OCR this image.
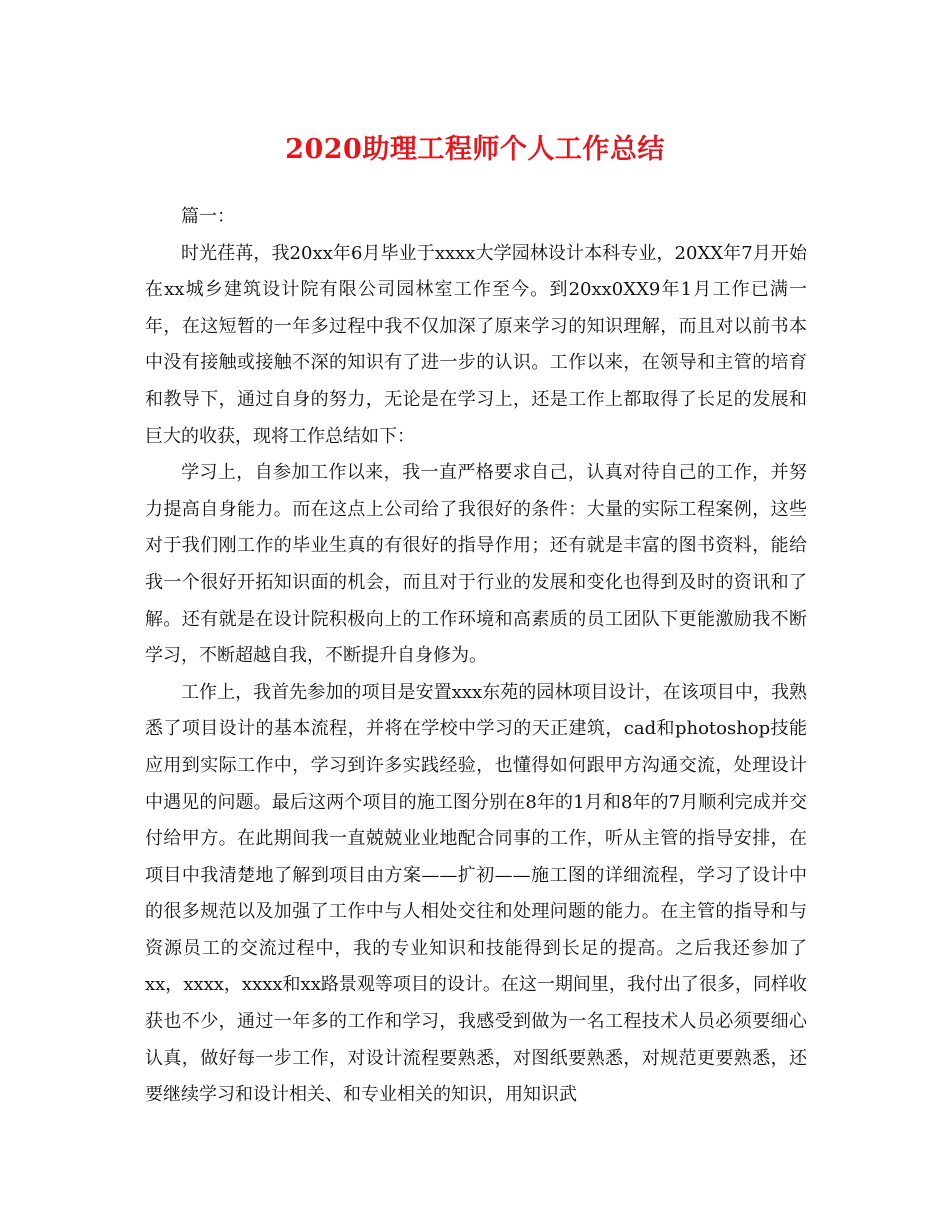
2020助理工程师个人工作总结

篇一：

时光荏苒，我20xx年6月毕业于xxxx大学园林设计本科专业，20XX年7月开始在xx城乡建筑设计院有限公司园林室工作至今。到20xx0XX9年1月工作已满一年，在这短暂的一年多过程中我不仅加深了原来学习的知识理解，而且对以前书本中没有接触或接触不深的知识有了进一步的认识。工作以来，在领导和主管的培育和教导下，通过自身的努力，无论是在学习上，还是工作上都取得了长足的发展和巨大的收获，现将工作总结如下：

学习上，自参加工作以来，我一直严格要求自己，认真对待自己的工作，并努力提高自身能力。而在这点上公司给了我很好的条件：大量的实际工程案例，这些对于我们刚工作的毕业生真的有很好的指导作用；还有就是丰富的图书资料，能给我一个很好开拓知识面的机会，而且对于行业的发展和变化也得到及时的资讯和了解。还有就是在设计院积极向上的工作环境和高素质的员工团队下更能激励我不断学习，不断超越自我，不断提升自身修为。

工作上，我首先参加的项目是安置xxx东苑的园林项目设计，在该项目中，我熟悉了项目设计的基本流程，并将在学校中学习的天正建筑，cad和photoshop技能应用到实际工作中，学习到许多实践经验，也懂得如何跟甲方沟通交流，处理设计中遇见的问题。最后这两个项目的施工图分别在8年的1月和8年的7月顺利完成并交付给甲方。在此期间我一直兢兢业业地配合同事的工作，听从主管的指导安排，在项目中我清楚地了解到项目由方案——扩初——施工图的详细流程，学习了设计中的很多规范以及加强了工作中与人相处交往和处理问题的能力。在主管的指导和与资源员工的交流过程中，我的专业知识和技能得到长足的提高。之后我还参加了xx，xxxx，xxxx和xx路景观等项目的设计。在这一期间里，我付出了很多，同样收获也不少，通过一年多的工作和学习，我感受到做为一名工程技术人员必须要细心认真，做好每一步工作，对设计流程要熟悉，对图纸要熟悉，对规范更要熟悉，还要继续学习和设计相关、和专业相关的知识，用知识武
